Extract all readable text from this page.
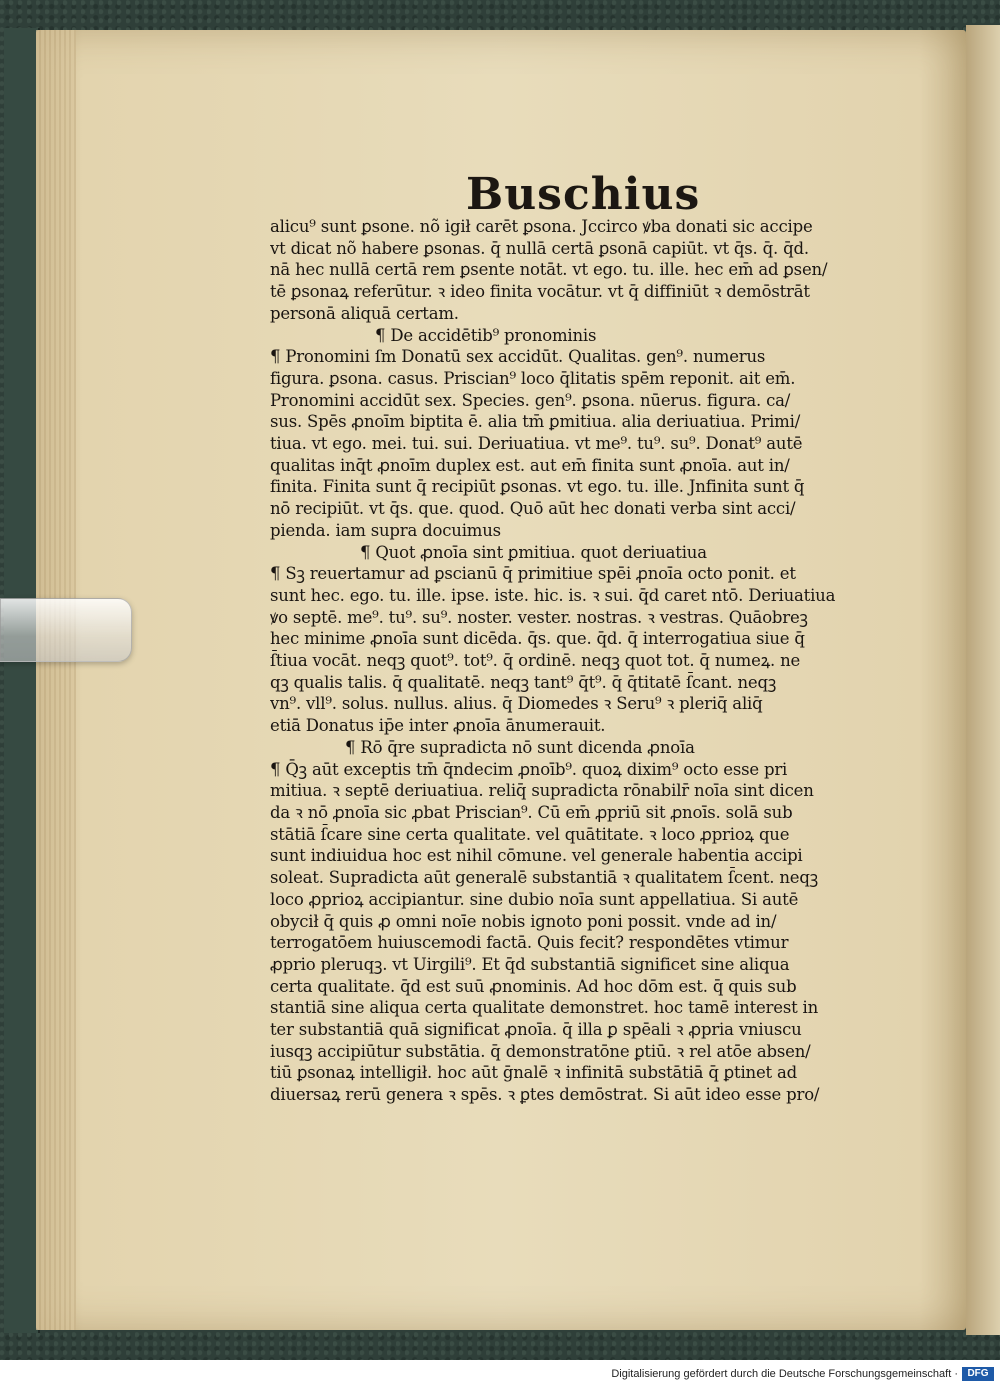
Buschius
alicu⁹ sunt ꝑsone. nõ igił carēt ꝑsona. Jccirco ꝟba donati sic accipe
vt dicat nõ habere ꝑsonas. q̄ nullā certā ꝑsonā capiūt. vt q̄s. q̄. q̄d.
nā hec nullā certā rem ꝑsente notāt. vt ego. tu. ille. hec em̄ ad ꝑsen/
tē ꝑsonaꝝ referūtur. ꝛ ideo finita vocātur. vt q̄ diffiniūt ꝛ demōstrāt
personā aliquā certam.
¶ De accidētib⁹ pronominis
¶ Pronomini ſm Donatū sex accidūt. Qualitas. gen⁹. numerus
figura. ꝑsona. casus. Priscian⁹ loco q̄litatis spēm reponit. ait em̄.
Pronomini accidūt sex. Species. gen⁹. ꝑsona. nūerus. figura. ca/
sus. Spēs ꝓnoīm biptita ē. alia tm̄ ꝑmitiua. alia deriuatiua. Primi/
tiua. vt ego. mei. tui. sui. Deriuatiua. vt me⁹. tu⁹. su⁹. Donat⁹ autē
qualitas inq̄t ꝓnoīm duplex est. aut em̄ finita sunt ꝓnoīa. aut in/
finita. Finita sunt q̄ recipiūt ꝑsonas. vt ego. tu. ille. Jnfinita sunt q̄
nō recipiūt. vt q̄s. que. quod. Quō aūt hec donati verba sint acci/
pienda. iam supra docuimus
¶ Quot ꝓnoīa sint ꝑmitiua. quot deriuatiua
¶ Sꝫ reuertamur ad ꝑscianū q̄ primitiue spēi ꝓnoīa octo ponit. et
sunt hec. ego. tu. ille. ipse. iste. hic. is. ꝛ sui. q̄d caret ntō. Deriuatiua
ꝟo septē. me⁹. tu⁹. su⁹. noster. vester. nostras. ꝛ vestras. Quāobreꝫ
hec minime ꝓnoīa sunt dicēda. q̄s. que. q̄d. q̄ interrogatiua siue q̄
ſ̄tiua vocāt. neqꝫ quot⁹. tot⁹. q̄ ordinē. neqꝫ quot tot. q̄ numeꝝ. ne
qꝫ qualis talis. q̄ qualitatē. neqꝫ tant⁹ q̄t⁹. q̄ q̄titatē ſ̄cant. neqꝫ
vn⁹. vll⁹. solus. nullus. alius. q̄ Diomedes ꝛ Seru⁹ ꝛ pleriq̄ aliq̄
etiā Donatus ip̄e inter ꝓnoīa ānumerauit.
¶ Rō q̄re supradicta nō sunt dicenda ꝓnoīa
¶ Q̄ꝫ aūt exceptis tm̄ q̄ndecim ꝓnoīb⁹. quoꝝ dixim⁹ octo esse pri
mitiua. ꝛ septē deriuatiua. reliq̄ supradicta rōnabilr̄ noīa sint dicen
da ꝛ nō ꝓnoīa sic ꝓbat Priscian⁹. Cū em̄ ꝓpriū sit ꝓnoīs. solā sub
stātiā ſ̄care sine certa qualitate. vel quātitate. ꝛ loco ꝓprioꝝ que
sunt indiuidua hoc est nihil cōmune. vel generale habentia accipi
soleat. Supradicta aūt generalē substantiā ꝛ qualitatem ſ̄cent. neqꝫ
loco ꝓprioꝝ accipiantur. sine dubio noīa sunt appellatiua. Si autē
obycił q̄ quis ꝓ omni noīe nobis ignoto poni possit. vnde ad in/
terrogatōem huiuscemodi factā. Quis fecit? respondētes vtimur
ꝓprio pleruqꝫ. vt Uirgili⁹. Et q̄d substantiā significet sine aliqua
certa qualitate. q̄d est suū ꝓnominis. Ad hoc dōm est. q̄ quis sub
stantiā sine aliqua certa qualitate demonstret. hoc tamē interest in
ter substantiā quā significat ꝓnoīa. q̄ illa ꝑ spēali ꝛ ꝓpria vniuscu
iusqꝫ accipiūtur substātia. q̄ demonstratōne ꝑtiū. ꝛ rel atōe absen/
tiū ꝑsonaꝝ intelligił. hoc aūt ḡnalē ꝛ infinitā substātiā q̄ ꝑtinet ad
diuersaꝝ rerū genera ꝛ spēs. ꝛ ꝑtes demōstrat. Si aūt ideo esse pro/
Digitalisierung gefördert durch die Deutsche Forschungsgemeinschaft · DFG
